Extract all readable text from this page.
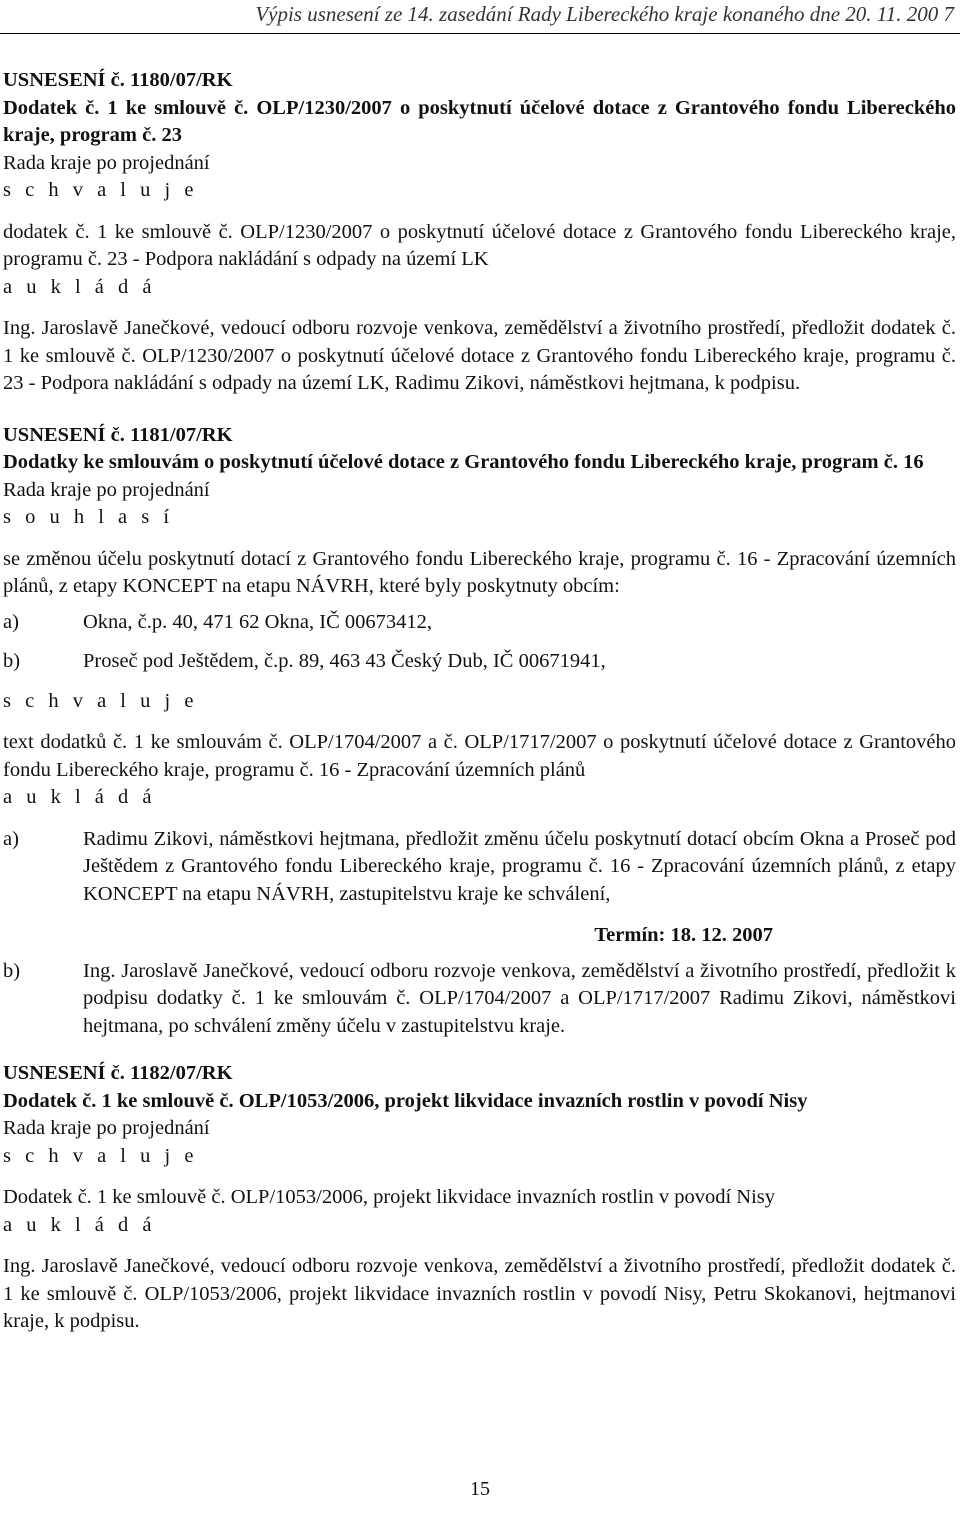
Výpis usnesení ze 14. zasedání Rady Libereckého kraje konaného dne 20. 11. 200 7

USNESENÍ č. 1180/07/RK

Dodatek č. 1 ke smlouvě č. OLP/1230/2007 o poskytnutí účelové dotace z Grantového fondu Libereckého kraje, program č. 23

Rada kraje po projednání

s c h v a l u j e

dodatek č. 1 ke smlouvě č. OLP/1230/2007 o poskytnutí účelové dotace z Grantového fondu Libereckého kraje, programu č. 23 - Podpora nakládání s odpady na území LK

a u k l á d á

Ing. Jaroslavě Janečkové, vedoucí odboru rozvoje venkova, zemědělství a životního prostředí, předložit dodatek č. 1 ke smlouvě č. OLP/1230/2007 o poskytnutí účelové dotace z Grantového fondu Libereckého kraje, programu č. 23 - Podpora nakládání s odpady na území LK, Radimu Zikovi, náměstkovi hejtmana, k podpisu.

USNESENÍ č. 1181/07/RK

Dodatky ke smlouvám o poskytnutí účelové dotace z Grantového fondu Libereckého kraje, program č. 16

Rada kraje po projednání

s o u h l a s í

se změnou účelu poskytnutí dotací z Grantového fondu Libereckého kraje, programu č. 16 - Zpracování územních plánů, z etapy KONCEPT na etapu NÁVRH, které byly poskytnuty obcím:

a)	Okna, č.p. 40, 471 62 Okna, IČ 00673412,
b)	Proseč pod Ještědem, č.p. 89, 463 43 Český Dub, IČ 00671941,

s c h v a l u j e

text dodatků č. 1 ke smlouvám č. OLP/1704/2007 a č. OLP/1717/2007 o poskytnutí účelové dotace z Grantového fondu Libereckého kraje, programu č. 16 - Zpracování územních plánů

a u k l á d á

a)	Radimu Zikovi, náměstkovi hejtmana, předložit změnu účelu poskytnutí dotací obcím Okna a Proseč pod Ještědem z Grantového fondu Libereckého kraje, programu č. 16 - Zpracování územních plánů, z etapy KONCEPT na etapu NÁVRH, zastupitelstvu kraje ke schválení,

Termín: 18. 12. 2007

b)	Ing. Jaroslavě Janečkové, vedoucí odboru rozvoje venkova, zemědělství a životního prostředí, předložit k podpisu dodatky č. 1 ke smlouvám č. OLP/1704/2007 a OLP/1717/2007 Radimu Zikovi, náměstkovi hejtmana, po schválení změny účelu v zastupitelstvu kraje.

USNESENÍ č. 1182/07/RK

Dodatek č. 1 ke smlouvě č. OLP/1053/2006, projekt likvidace invazních rostlin v povodí Nisy

Rada kraje po projednání

s c h v a l u j e

Dodatek č. 1 ke smlouvě č. OLP/1053/2006, projekt likvidace invazních rostlin v povodí Nisy

a u k l á d á

Ing. Jaroslavě Janečkové, vedoucí odboru rozvoje venkova, zemědělství a životního prostředí, předložit dodatek č. 1 ke smlouvě č. OLP/1053/2006, projekt likvidace invazních rostlin v povodí Nisy, Petru Skokanovi, hejtmanovi kraje, k podpisu.

15
